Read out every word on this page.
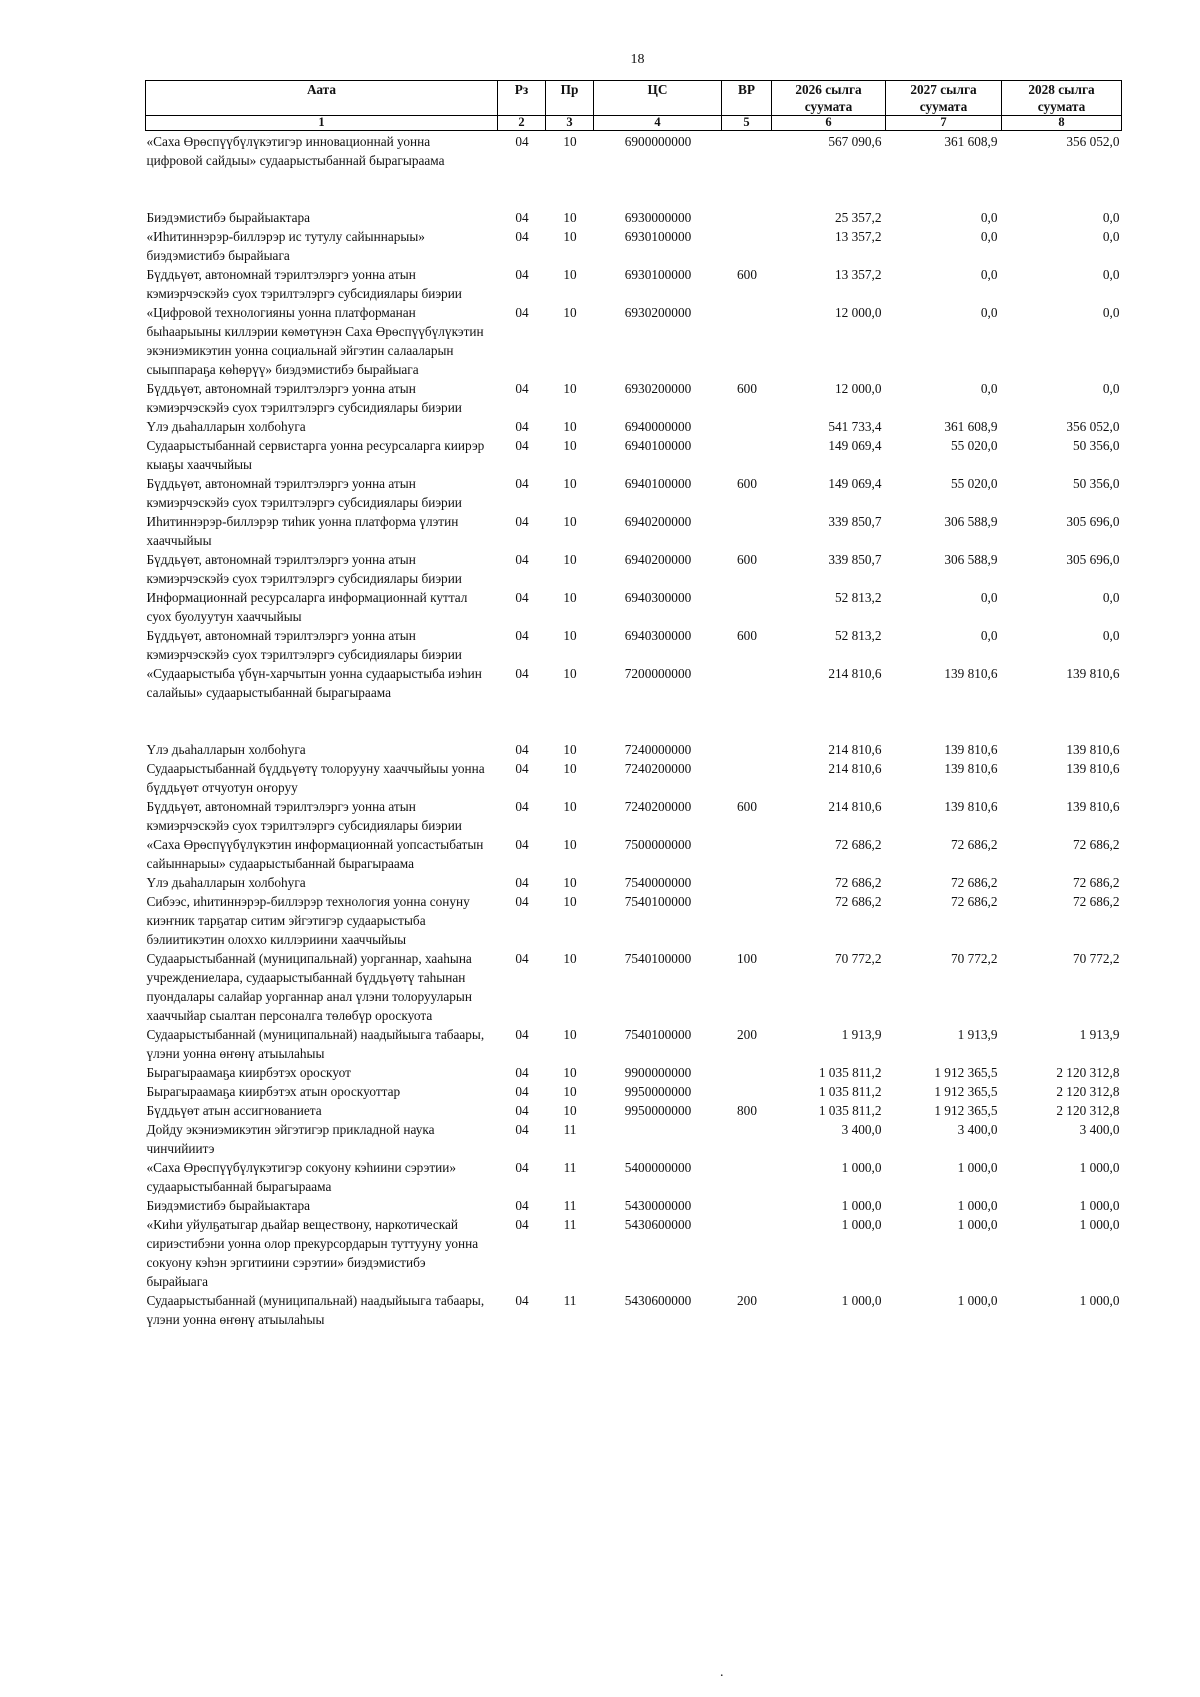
18
Аата	Рз	Пр	ЦС	ВР	2026 сылга суумата	2027 сылга суумата	2028 сылга суумата
1	2	3	4	5	6	7	8
«Саха Өрөспүүбүлүкэтигэр инновационнай уонна цифровой сайдыы» судаарыстыбаннай бырагыраама	04	10	6900000000		567 090,6	361 608,9	356 052,0
Биэдэмистибэ бырайыактара	04	10	6930000000		25 357,2	0,0	0,0
«Иһитиннэрэр-биллэрэр ис тутулу сайыннарыы» биэдэмистибэ бырайыага	04	10	6930100000		13 357,2	0,0	0,0
Бүддьүөт, автономнай тэрилтэлэргэ уонна атын кэмиэрчэскэйэ суох тэрилтэлэргэ субсидиялары биэрии	04	10	6930100000	600	13 357,2	0,0	0,0
«Цифровой технологияны уонна платформанан быһаарыыны киллэрии көмөтүнэн Саха Өрөспүүбүлүкэтин экэниэмикэтин уонна социальнай эйгэтин салааларын сыыппараҕа көһөрүү» биэдэмистибэ бырайыага	04	10	6930200000		12 000,0	0,0	0,0
Бүддьүөт, автономнай тэрилтэлэргэ уонна атын кэмиэрчэскэйэ суох тэрилтэлэргэ субсидиялары биэрии	04	10	6930200000	600	12 000,0	0,0	0,0
Үлэ дьаһалларын холбоһуга	04	10	6940000000		541 733,4	361 608,9	356 052,0
Судаарыстыбаннай сервистарга уонна ресурсаларга киирэр кыаҕы хааччыйыы	04	10	6940100000		149 069,4	55 020,0	50 356,0
Бүддьүөт, автономнай тэрилтэлэргэ уонна атын кэмиэрчэскэйэ суох тэрилтэлэргэ субсидиялары биэрии	04	10	6940100000	600	149 069,4	55 020,0	50 356,0
Иһитиннэрэр-биллэрэр тиһик уонна платформа үлэтин хааччыйыы	04	10	6940200000		339 850,7	306 588,9	305 696,0
Бүддьүөт, автономнай тэрилтэлэргэ уонна атын кэмиэрчэскэйэ суох тэрилтэлэргэ субсидиялары биэрии	04	10	6940200000	600	339 850,7	306 588,9	305 696,0
Информационнай ресурсаларга информационнай куттал суох буолуутун хааччыйыы	04	10	6940300000		52 813,2	0,0	0,0
Бүддьүөт, автономнай тэрилтэлэргэ уонна атын кэмиэрчэскэйэ суох тэрилтэлэргэ субсидиялары биэрии	04	10	6940300000	600	52 813,2	0,0	0,0
«Судаарыстыба үбүн-харчытын уонна судаарыстыба иэһин салайыы» судаарыстыбаннай бырагыраама	04	10	7200000000		214 810,6	139 810,6	139 810,6
Үлэ дьаһалларын холбоһуга	04	10	7240000000		214 810,6	139 810,6	139 810,6
Судаарыстыбаннай бүддьүөтү толорууну хааччыйыы уонна бүддьүөт отчуотун оҥоруу	04	10	7240200000		214 810,6	139 810,6	139 810,6
Бүддьүөт, автономнай тэрилтэлэргэ уонна атын кэмиэрчэскэйэ суох тэрилтэлэргэ субсидиялары биэрии	04	10	7240200000	600	214 810,6	139 810,6	139 810,6
«Саха Өрөспүүбүлүкэтин информационнай уопсастыбатын сайыннарыы» судаарыстыбаннай бырагыраама	04	10	7500000000		72 686,2	72 686,2	72 686,2
Үлэ дьаһалларын холбоһуга	04	10	7540000000		72 686,2	72 686,2	72 686,2
Сибээс, иһитиннэрэр-биллэрэр технология уонна сонуну киэҥник тарҕатар ситим эйгэтигэр судаарыстыба бэлиитикэтин олоххо киллэриини хааччыйыы	04	10	7540100000		72 686,2	72 686,2	72 686,2
Судаарыстыбаннай (муниципальнай) уорганнар, хааһына учреждениелара, судаарыстыбаннай бүддьүөтү таһынан пуондалары салайар уорганнар анал үлэни толорууларын хааччыйар сыалтан персоналга төлөбүр ороскуота	04	10	7540100000	100	70 772,2	70 772,2	70 772,2
Судаарыстыбаннай (муниципальнай) наадыйыыга табаары, үлэни уонна өҥөнү атыылаһыы	04	10	7540100000	200	1 913,9	1 913,9	1 913,9
Бырагыраамаҕа киирбэтэх ороскуот	04	10	9900000000		1 035 811,2	1 912 365,5	2 120 312,8
Бырагыраамаҕа киирбэтэх атын ороскуоттар	04	10	9950000000		1 035 811,2	1 912 365,5	2 120 312,8
Бүддьүөт атын ассигнованиета	04	10	9950000000	800	1 035 811,2	1 912 365,5	2 120 312,8
Дойду экэниэмикэтин эйгэтигэр прикладной наука чинчийиитэ	04	11			3 400,0	3 400,0	3 400,0
«Саха Өрөспүүбүлүкэтигэр сокуону кэһиини сэрэтии» судаарыстыбаннай бырагыраама	04	11	5400000000		1 000,0	1 000,0	1 000,0
Биэдэмистибэ бырайыактара	04	11	5430000000		1 000,0	1 000,0	1 000,0
«Киһи уйулҕатыгар дьайар веществону, наркотическай сириэстибэни уонна олор прекурсордарын туттууну уонна сокуону кэһэн эргитиини сэрэтии» биэдэмистибэ бырайыага	04	11	5430600000		1 000,0	1 000,0	1 000,0
Судаарыстыбаннай (муниципальнай) наадыйыыга табаары, үлэни уонна өҥөнү атыылаһыы	04	11	5430600000	200	1 000,0	1 000,0	1 000,0
.
